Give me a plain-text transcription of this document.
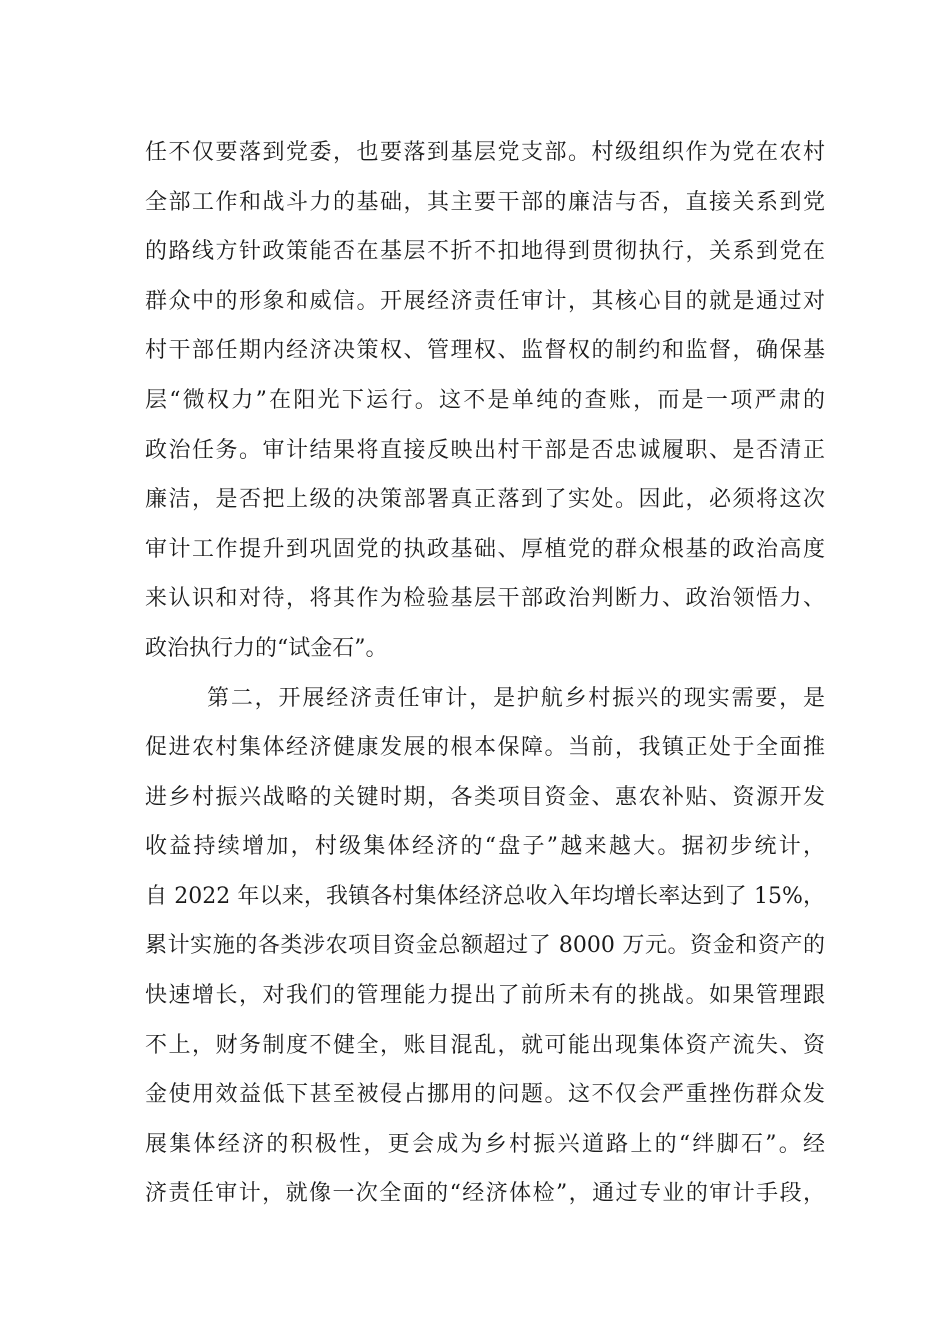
任不仅要落到党委，也要落到基层党支部。村级组织作为党在农村
全部工作和战斗力的基础，其主要干部的廉洁与否，直接关系到党
的路线方针政策能否在基层不折不扣地得到贯彻执行，关系到党在
群众中的形象和威信。开展经济责任审计，其核心目的就是通过对
村干部任期内经济决策权、管理权、监督权的制约和监督，确保基
层“微权力”在阳光下运行。这不是单纯的查账，而是一项严肃的
政治任务。审计结果将直接反映出村干部是否忠诚履职、是否清正
廉洁，是否把上级的决策部署真正落到了实处。因此，必须将这次
审计工作提升到巩固党的执政基础、厚植党的群众根基的政治高度
来认识和对待，将其作为检验基层干部政治判断力、政治领悟力、
政治执行力的“试金石”。
第二，开展经济责任审计，是护航乡村振兴的现实需要，是
促进农村集体经济健康发展的根本保障。当前，我镇正处于全面推
进乡村振兴战略的关键时期，各类项目资金、惠农补贴、资源开发
收益持续增加，村级集体经济的“盘子”越来越大。据初步统计，
自 2022 年以来，我镇各村集体经济总收入年均增长率达到了 15%，
累计实施的各类涉农项目资金总额超过了 8000 万元。资金和资产的
快速增长，对我们的管理能力提出了前所未有的挑战。如果管理跟
不上，财务制度不健全，账目混乱，就可能出现集体资产流失、资
金使用效益低下甚至被侵占挪用的问题。这不仅会严重挫伤群众发
展集体经济的积极性，更会成为乡村振兴道路上的“绊脚石”。经
济责任审计，就像一次全面的“经济体检”，通过专业的审计手段，
